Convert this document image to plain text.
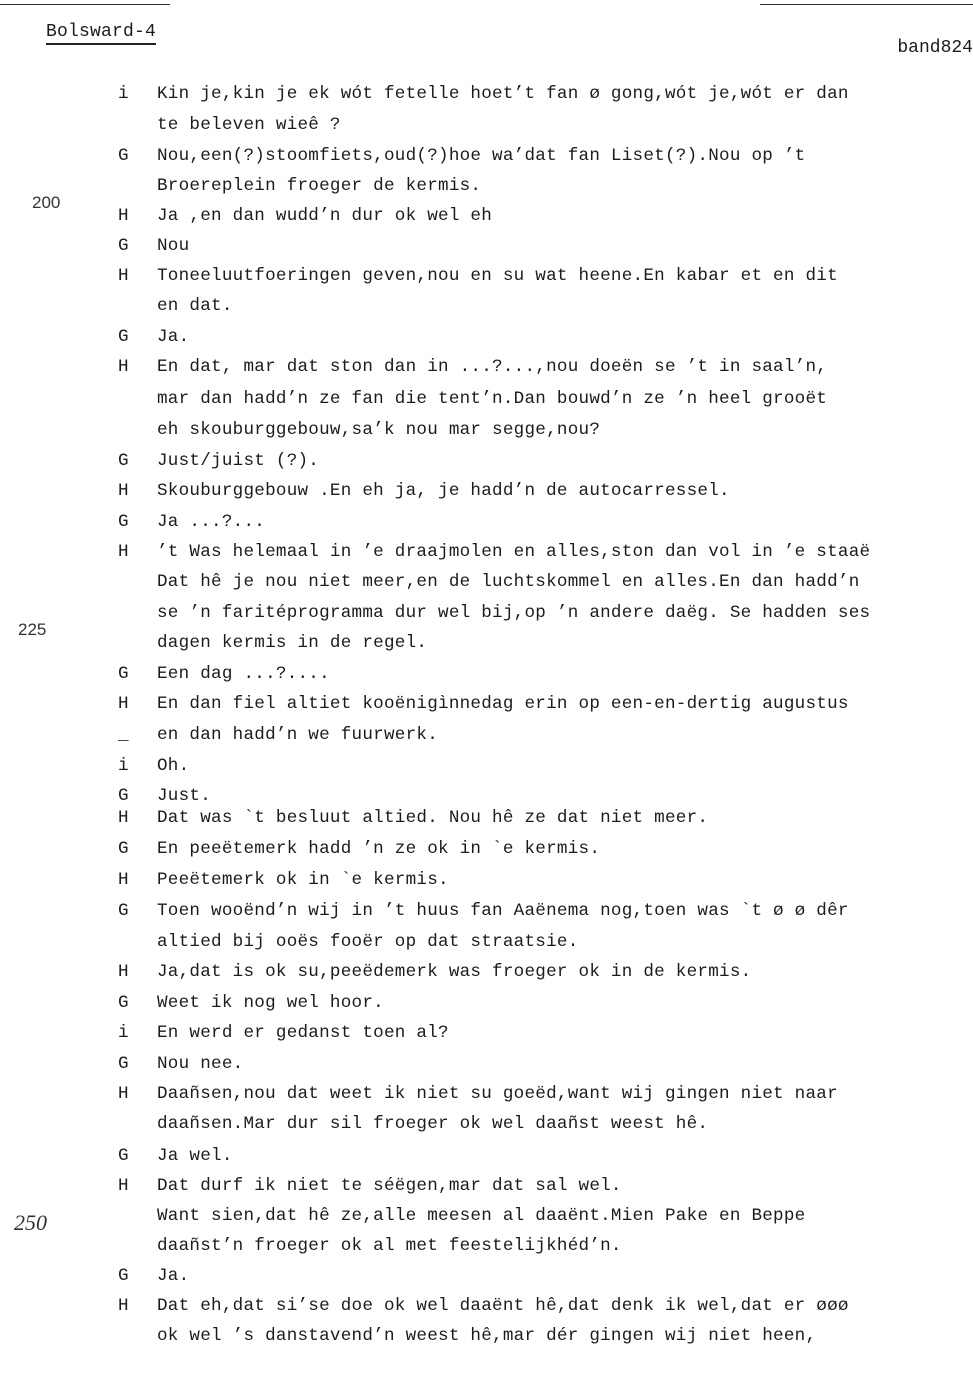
Bolsward-4
band824
200
225
250
i	Kin je,kin je ek wót fetelle hoet’t fan ø gong,wót je,wót er dan
te beleven wieê ?
G	Nou,een(?)stoomfiets,oud(?)hoe wa’dat fan Liset(?).Nou op ’t
Broereplein froeger de kermis.
H	Ja ,en dan wudd’n dur ok wel eh
G	Nou
H	Toneeluutfoeringen geven,nou en su wat heene.En kabar et en dit
en dat.
G	Ja.
H	En dat, mar dat ston dan in ...?...,nou doeën se ’t in saal’n,
mar dan hadd’n ze fan die tent’n.Dan bouwd’n ze ’n heel grooët
eh skouburggebouw,sa’k nou mar segge,nou?
G	Just/juist (?).
H	Skouburggebouw .En eh ja, je hadd’n de autocarressel.
G	Ja ...?...
H	’t Was helemaal in ’e draajmolen en alles,ston dan vol in ’e staaë
Dat hê je nou niet meer,en de luchtskommel en alles.En dan hadd’n
se ’n faritéprogramma dur wel bij,op ’n andere daëg. Se hadden ses
dagen kermis in de regel.
G	Een dag ...?....
H	En dan fiel altiet kooënigìnnedag erin op een-en-dertig augustus
_	en dan hadd’n we fuurwerk.
i	Oh.
G	Just.
H	Dat was `t besluut altied. Nou hê ze dat niet meer.
G	En peeëtemerk hadd ’n ze ok in `e kermis.
H	Peeëtemerk ok in `e kermis.
G	Toen wooënd’n wij in ’t huus fan Aaënema nog,toen was `t ø ø dêr
altied bij ooës fooër op dat straatsie.
H	Ja,dat is ok su,peeëdemerk was froeger ok in de kermis.
G	Weet ik nog wel hoor.
i	En werd er gedanst toen al?
G	Nou nee.
H	Daañsen,nou dat weet ik niet su goeëd,want wij gingen niet naar
daañsen.Mar dur sil froeger ok wel daañst weest hê.
G	Ja wel.
H	Dat durf ik niet te séëgen,mar dat sal wel.
Want sien,dat hê ze,alle meesen al daaënt.Mien Pake en Beppe
daañst’n froeger ok al met feestelijkhéd’n.
G	Ja.
H	Dat eh,dat si’se doe ok wel daaënt hê,dat denk ik wel,dat er øøø
ok wel ’s danstavend’n weest hê,mar dér gingen wij niet heen,
